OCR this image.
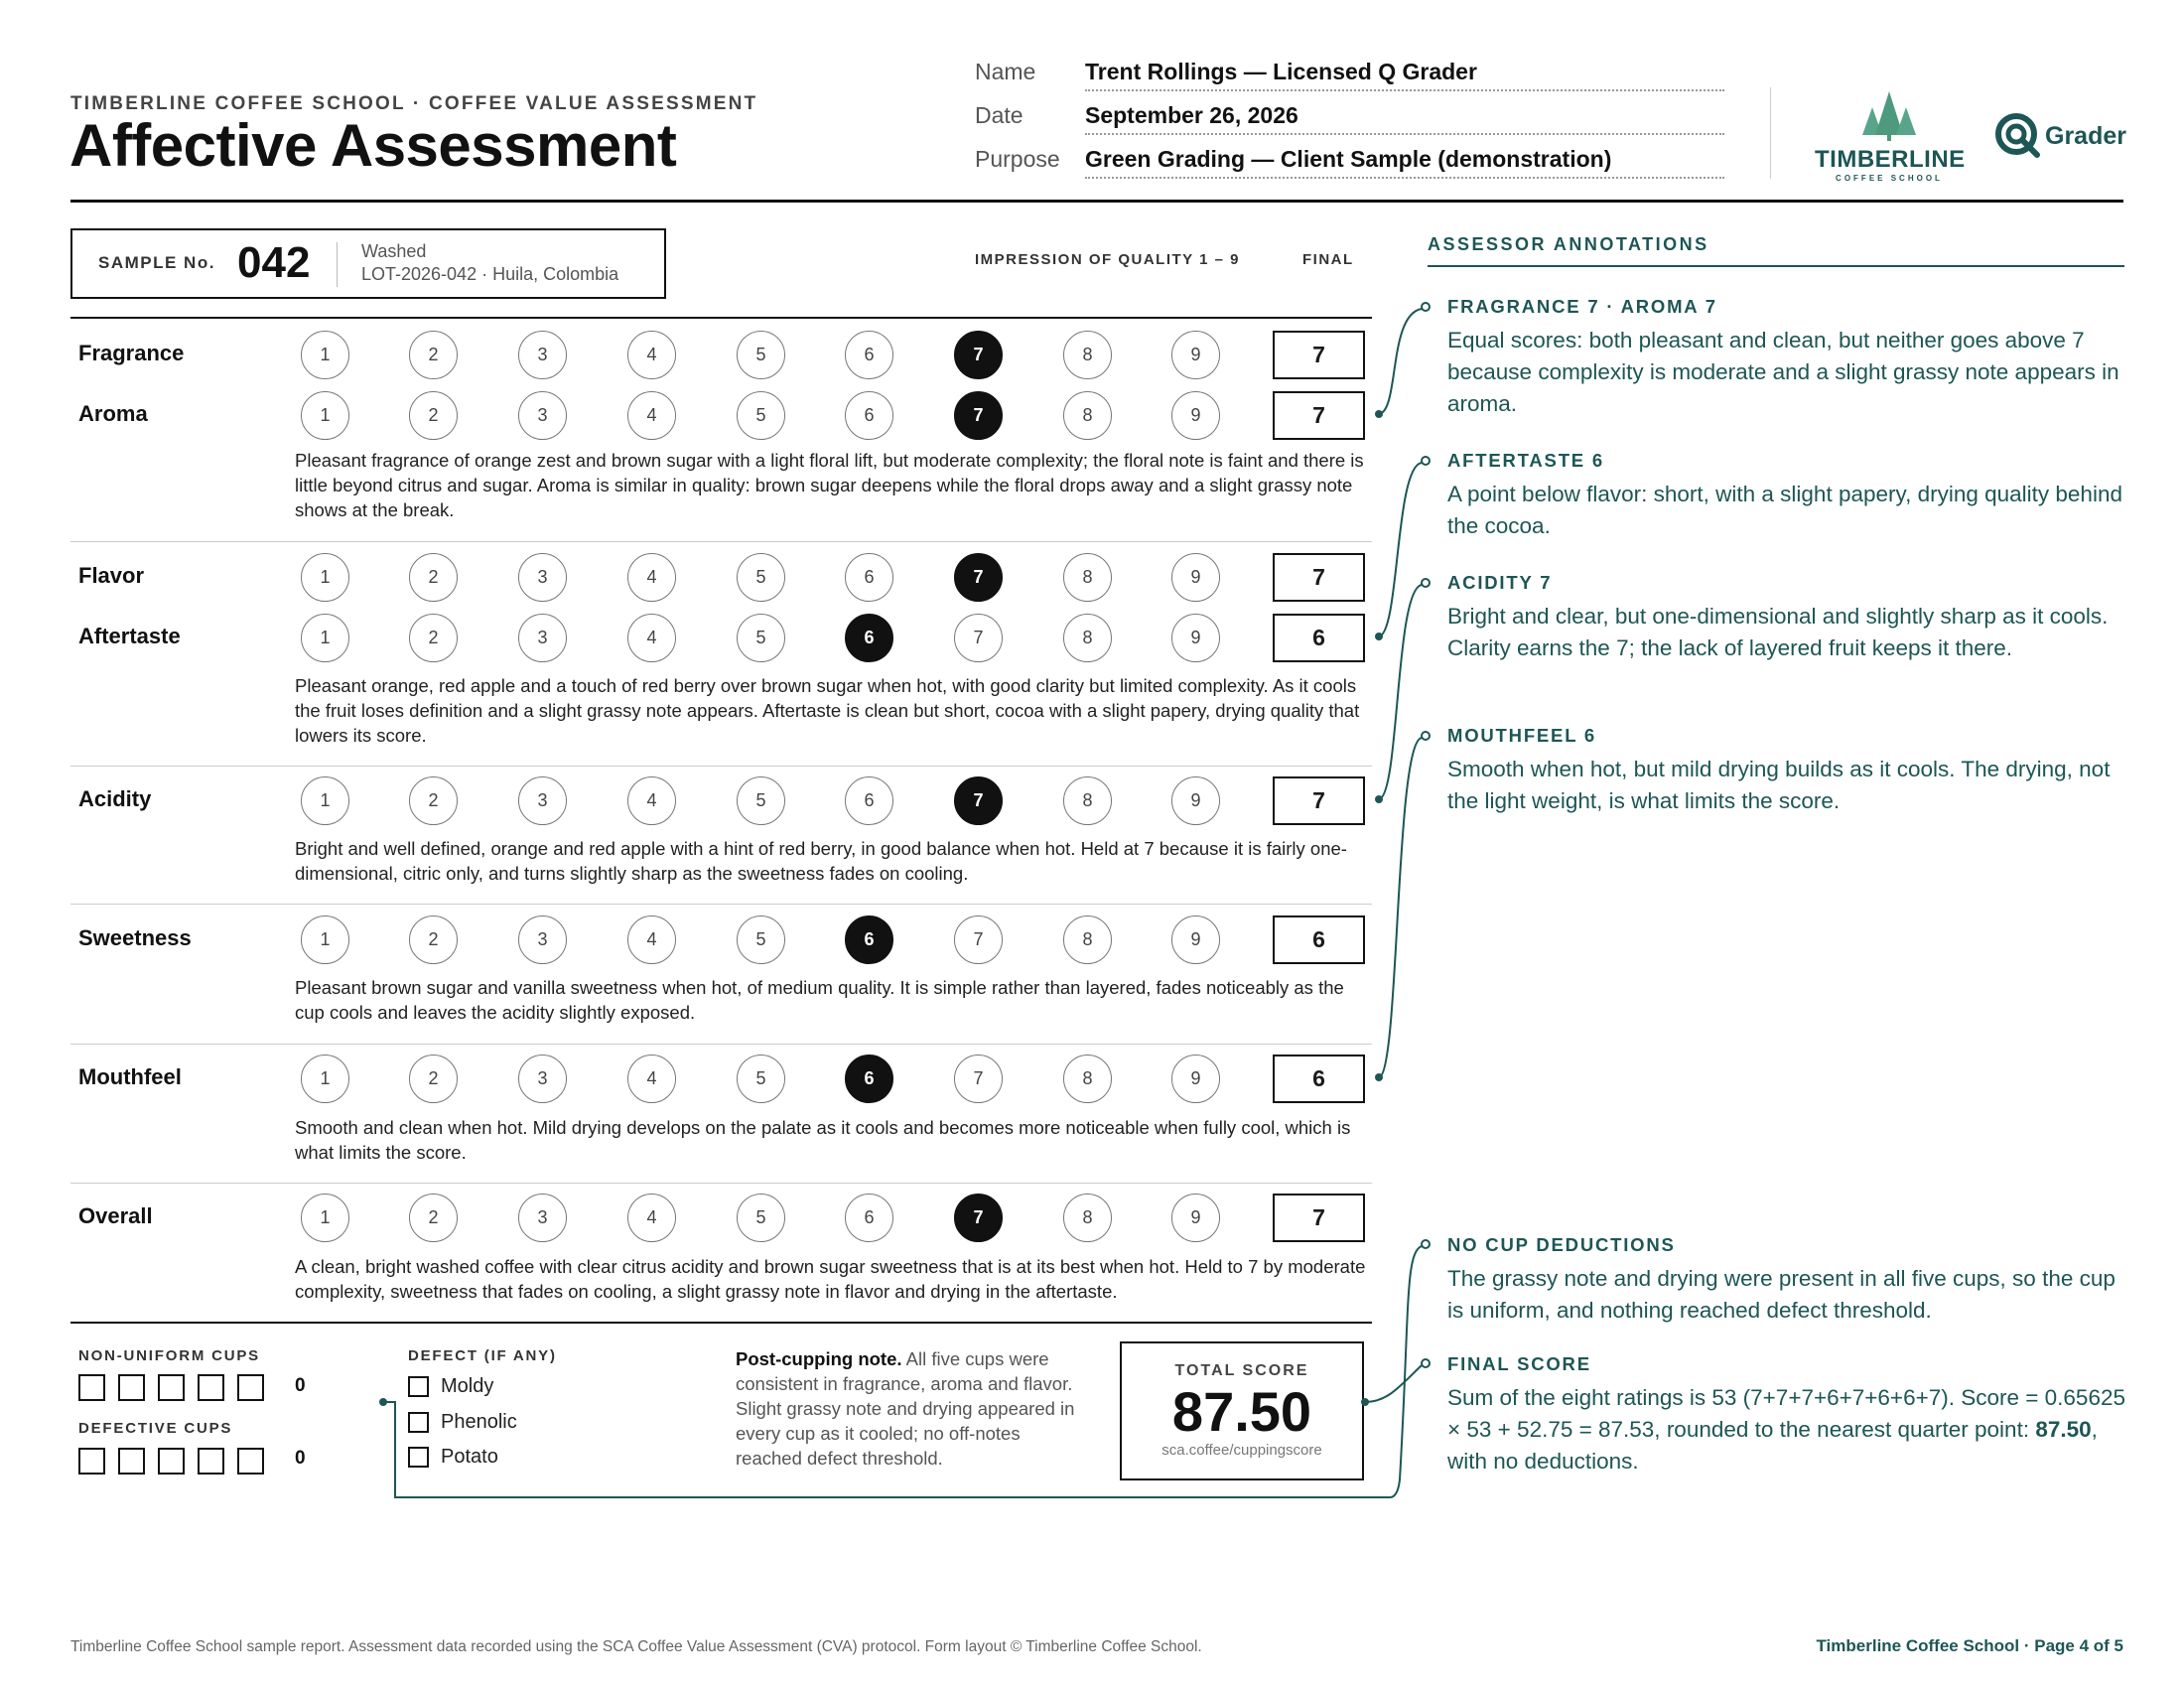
TIMBERLINE COFFEE SCHOOL · COFFEE VALUE ASSESSMENT
Affective Assessment
Name	Trent Rollings — Licensed Q Grader
Date	September 26, 2026
Purpose	Green Grading — Client Sample (demonstration)	TIMBERLINE
COFFEE SCHOOL
Grader
SAMPLE No. 042	Washed
LOT-2026-042 · Huila, Colombia
IMPRESSION OF QUALITY 1 – 9	FINAL
Fragrance	1	2	3	4	5	6	7	8	9	7
Aroma	1	2	3	4	5	6	7	8	9	7
Flavor	1	2	3	4	5	6	7	8	9	7
Aftertaste	1	2	3	4	5	6	7	8	9	6
Acidity	1	2	3	4	5	6	7	8	9	7
Sweetness	1	2	3	4	5	6	7	8	9	6
Mouthfeel	1	2	3	4	5	6	7	8	9	6
Overall	1	2	3	4	5	6	7	8	9	7
Pleasant fragrance of orange zest and brown sugar with a light floral lift, but moderate complexity; the floral note is faint and there is little beyond citrus and sugar. Aroma is similar in quality: brown sugar deepens while the floral drops away and a slight grassy note shows at the break.
Pleasant orange, red apple and a touch of red berry over brown sugar when hot, with good clarity but limited complexity. As it cools the fruit loses definition and a slight grassy note appears. Aftertaste is clean but short, cocoa with a slight papery, drying quality that lowers its score.
Bright and well defined, orange and red apple with a hint of red berry, in good balance when hot. Held at 7 because it is fairly one-dimensional, citric only, and turns slightly sharp as the sweetness fades on cooling.
Pleasant brown sugar and vanilla sweetness when hot, of medium quality. It is simple rather than layered, fades noticeably as the cup cools and leaves the acidity slightly exposed.
Smooth and clean when hot. Mild drying develops on the palate as it cools and becomes more noticeable when fully cool, which is what limits the score.
A clean, bright washed coffee with clear citrus acidity and brown sugar sweetness that is at its best when hot. Held to 7 by moderate complexity, sweetness that fades on cooling, a slight grassy note in flavor and drying in the aftertaste.
NON-UNIFORM CUPS
0
DEFECTIVE CUPS
0
DEFECT (IF ANY)
Moldy
Phenolic
Potato
Post-cupping note. All five cups were consistent in fragrance, aroma and flavor. Slight grassy note and drying appeared in every cup as it cooled; no off-notes reached defect threshold.
TOTAL SCORE
87.50
sca.coffee/cuppingscore
ASSESSOR ANNOTATIONS
FRAGRANCE 7 · AROMA 7
Equal scores: both pleasant and clean, but neither goes above 7 because complexity is moderate and a slight grassy note appears in aroma.
AFTERTASTE 6
A point below flavor: short, with a slight papery, drying quality behind the cocoa.
ACIDITY 7
Bright and clear, but one-dimensional and slightly sharp as it cools. Clarity earns the 7; the lack of layered fruit keeps it there.
MOUTHFEEL 6
Smooth when hot, but mild drying builds as it cools. The drying, not the light weight, is what limits the score.
NO CUP DEDUCTIONS
The grassy note and drying were present in all five cups, so the cup is uniform, and nothing reached defect threshold.
FINAL SCORE
Sum of the eight ratings is 53 (7+7+7+6+7+6+6+7). Score = 0.65625 × 53 + 52.75 = 87.53, rounded to the nearest quarter point: 87.50, with no deductions.
Timberline Coffee School sample report. Assessment data recorded using the SCA Coffee Value Assessment (CVA) protocol. Form layout © Timberline Coffee School.	Timberline Coffee School · Page 4 of 5
